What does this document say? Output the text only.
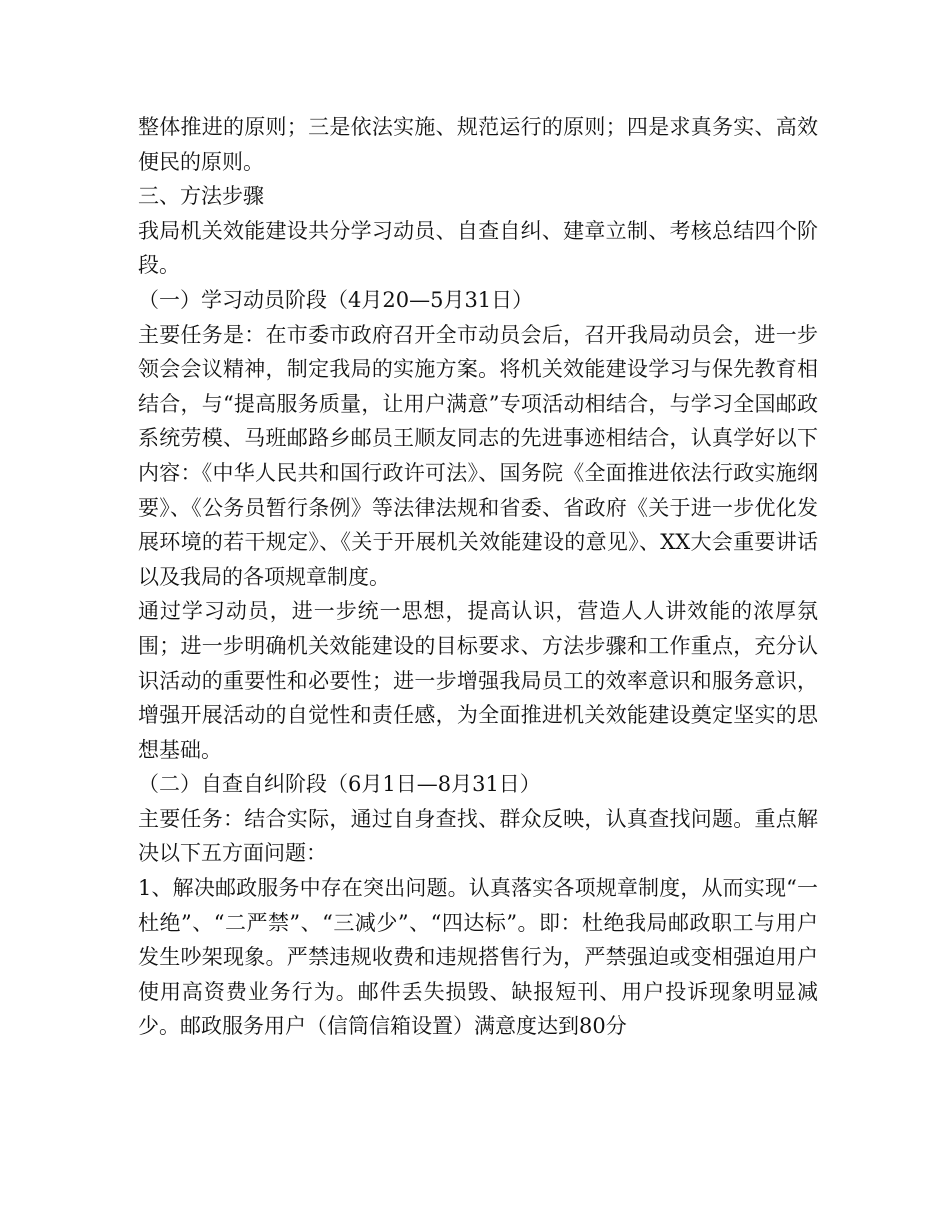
整体推进的原则；三是依法实施、规范运行的原则；四是求真务实、高效便民的原则。

三、方法步骤

我局机关效能建设共分学习动员、自查自纠、建章立制、考核总结四个阶段。

（一）学习动员阶段（4月20—5月31日）

主要任务是：在市委市政府召开全市动员会后，召开我局动员会，进一步领会会议精神，制定我局的实施方案。将机关效能建设学习与保先教育相结合，与“提高服务质量，让用户满意”专项活动相结合，与学习全国邮政系统劳模、马班邮路乡邮员王顺友同志的先进事迹相结合，认真学好以下内容：《中华人民共和国行政许可法》、国务院《全面推进依法行政实施纲要》、《公务员暂行条例》等法律法规和省委、省政府《关于进一步优化发展环境的若干规定》、《关于开展机关效能建设的意见》、XX大会重要讲话以及我局的各项规章制度。

通过学习动员，进一步统一思想，提高认识，营造人人讲效能的浓厚氛围；进一步明确机关效能建设的目标要求、方法步骤和工作重点，充分认识活动的重要性和必要性；进一步增强我局员工的效率意识和服务意识，增强开展活动的自觉性和责任感，为全面推进机关效能建设奠定坚实的思想基础。

（二）自查自纠阶段（6月1日—8月31日）

主要任务：结合实际，通过自身查找、群众反映，认真查找问题。重点解决以下五方面问题：

1、解决邮政服务中存在突出问题。认真落实各项规章制度，从而实现“一杜绝”、“二严禁”、“三减少”、“四达标”。即：杜绝我局邮政职工与用户发生吵架现象。严禁违规收费和违规搭售行为，严禁强迫或变相强迫用户使用高资费业务行为。邮件丢失损毁、缺报短刊、用户投诉现象明显减少。邮政服务用户（信筒信箱设置）满意度达到80分
